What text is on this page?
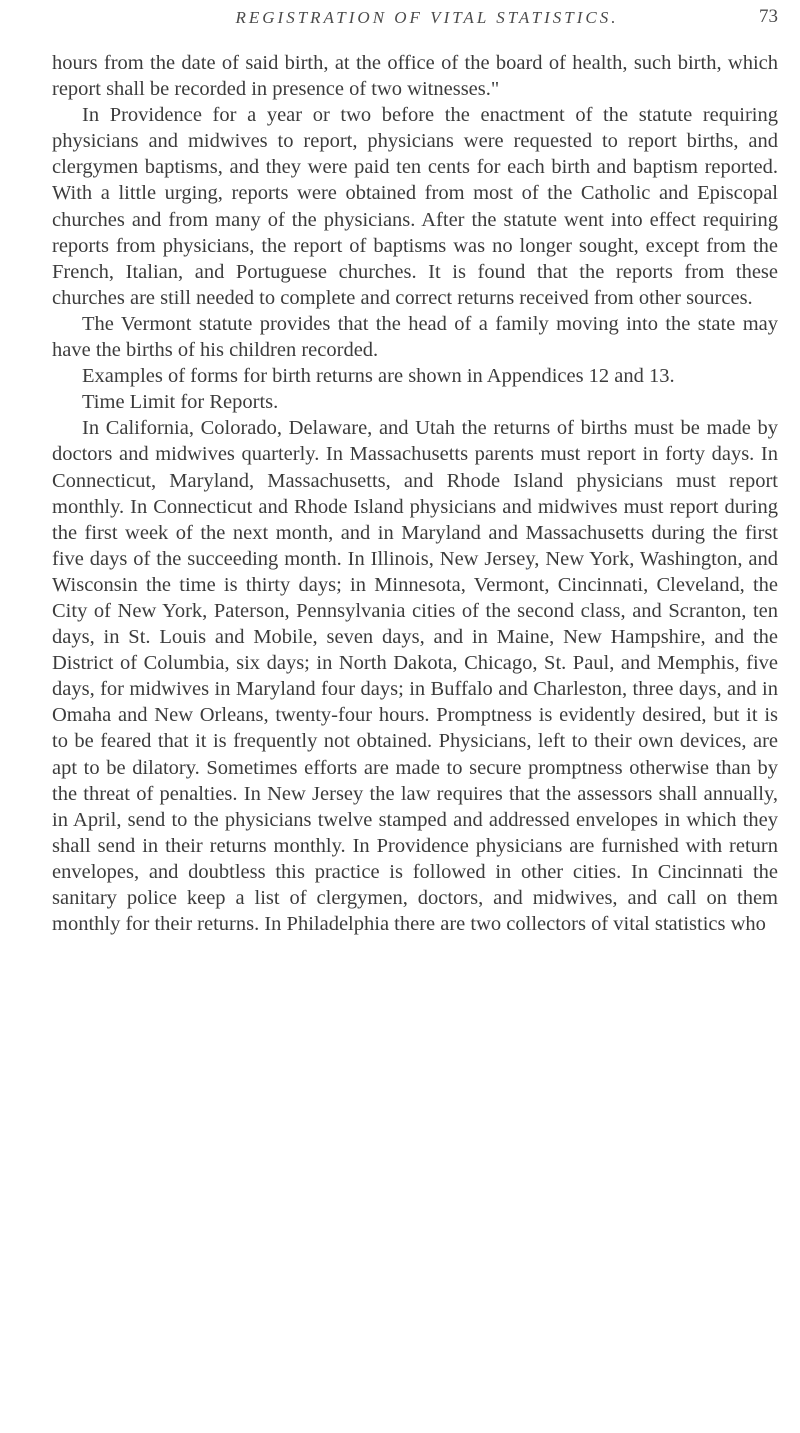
REGISTRATION OF VITAL STATISTICS.	73

hours from the date of said birth, at the office of the board of health, such birth, which report shall be recorded in presence of two witnesses."

In Providence for a year or two before the enactment of the statute requiring physicians and midwives to report, physicians were requested to report births, and clergymen baptisms, and they were paid ten cents for each birth and baptism reported. With a little urging, reports were obtained from most of the Catholic and Episcopal churches and from many of the physicians. After the statute went into effect requiring reports from physicians, the report of baptisms was no longer sought, except from the French, Italian, and Portuguese churches. It is found that the reports from these churches are still needed to complete and correct returns received from other sources.

The Vermont statute provides that the head of a family moving into the state may have the births of his children recorded.

Examples of forms for birth returns are shown in Appendices 12 and 13.

Time Limit for Reports.

In California, Colorado, Delaware, and Utah the returns of births must be made by doctors and midwives quarterly. In Massachusetts parents must report in forty days. In Connecticut, Maryland, Massachusetts, and Rhode Island physicians must report monthly. In Connecticut and Rhode Island physicians and midwives must report during the first week of the next month, and in Maryland and Massachusetts during the first five days of the succeeding month. In Illinois, New Jersey, New York, Washington, and Wisconsin the time is thirty days; in Minnesota, Vermont, Cincinnati, Cleveland, the City of New York, Paterson, Pennsylvania cities of the second class, and Scranton, ten days, in St. Louis and Mobile, seven days, and in Maine, New Hampshire, and the District of Columbia, six days; in North Dakota, Chicago, St. Paul, and Memphis, five days, for midwives in Maryland four days; in Buffalo and Charleston, three days, and in Omaha and New Orleans, twenty-four hours. Promptness is evidently desired, but it is to be feared that it is frequently not obtained. Physicians, left to their own devices, are apt to be dilatory. Sometimes efforts are made to secure promptness otherwise than by the threat of penalties. In New Jersey the law requires that the assessors shall annually, in April, send to the physicians twelve stamped and addressed envelopes in which they shall send in their returns monthly. In Providence physicians are furnished with return envelopes, and doubtless this practice is followed in other cities. In Cincinnati the sanitary police keep a list of clergymen, doctors, and midwives, and call on them monthly for their returns. In Philadelphia there are two collectors of vital statistics who
